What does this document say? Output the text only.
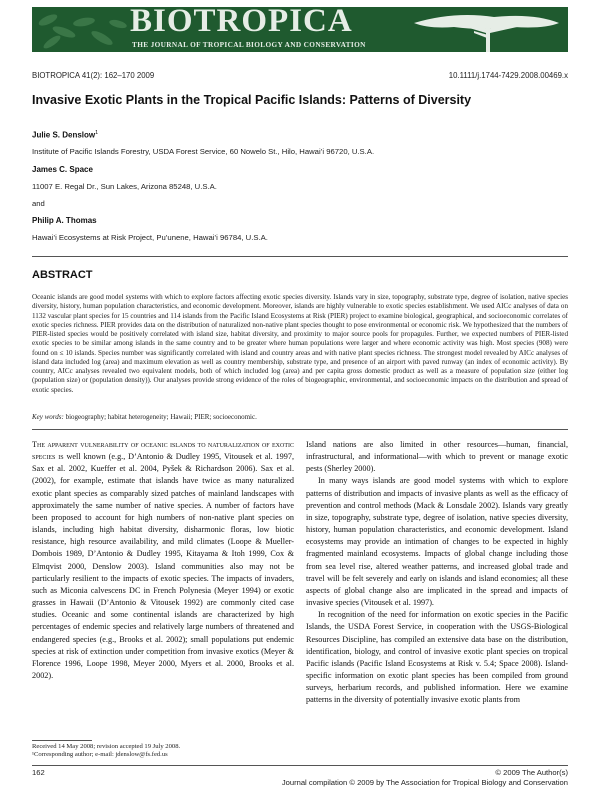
BIOTROPICA
THE JOURNAL OF TROPICAL BIOLOGY AND CONSERVATION
BIOTROPICA 41(2): 162–170 2009	10.1111/j.1744-7429.2008.00469.x
Invasive Exotic Plants in the Tropical Pacific Islands: Patterns of Diversity
Julie S. Denslow$^1$
Institute of Pacific Islands Forestry, USDA Forest Service, 60 Nowelo St., Hilo, Hawai’i 96720, U.S.A.
James C. Space
11007 E. Regal Dr., Sun Lakes, Arizona 85248, U.S.A.
and
Philip A. Thomas
Hawai’i Ecosystems at Risk Project, Pu’unene, Hawai’i 96784, U.S.A.
ABSTRACT
Oceanic islands are good model systems with which to explore factors affecting exotic species diversity. Islands vary in size, topography, substrate type, degree of isolation, native species diversity, history, human population characteristics, and economic development. Moreover, islands are highly vulnerable to exotic species establishment. We used AICc analyses of data on 1132 vascular plant species for 15 countries and 114 islands from the Pacific Island Ecosystems at Risk (PIER) project to examine biological, geographical, and socioeconomic correlates of exotic species richness. PIER provides data on the distribution of naturalized non-native plant species thought to pose environmental or economic risk. We hypothesized that the numbers of PIER-listed species would be positively correlated with island size, habitat diversity, and proximity to major source pools for propagules. Further, we expected numbers of PIER-listed exotic species to be similar among islands in the same country and to be greater where human populations were larger and where economic activity was high. Most species (908) were found on ≤ 10 islands. Species number was significantly correlated with island and country areas and with native plant species richness. The strongest model revealed by AICc analyses of island data included log (area) and maximum elevation as well as country membership, substrate type, and presence of an airport with paved runway (an index of economic activity). By country, AICc analyses revealed two equivalent models, both of which included log (area) and per capita gross domestic product as well as a measure of population size (either log (population size) or (population density)). Our analyses provide strong evidence of the roles of biogeographic, environmental, and socioeconomic impacts on the distribution and spread of exotic species.
Key words: biogeography; habitat heterogeneity; Hawaii; PIER; socioeconomic.

The apparent vulnerability of oceanic islands to naturalization of exotic species is well known (e.g., D’Antonio & Dudley 1995, Vitousek et al. 1997, Sax et al. 2002, Kueffer et al. 2004, Pyšek & Richardson 2006). Sax et al. (2002), for example, estimate that islands have twice as many naturalized exotic plant species as comparably sized patches of mainland landscapes with approximately the same number of native species. A number of factors have been proposed to account for high numbers of non-native plant species on islands, including high habitat diversity, disharmonic floras, low biotic resistance, high resource availability, and mild climates (Loope & Mueller-Dombois 1989, D’Antonio & Dudley 1995, Kitayama & Itoh 1999, Cox & Elmqvist 2000, Denslow 2003). Island communities also may not be particularly resilient to the impacts of exotic species. The impacts of invaders, such as Miconia calvescens DC in French Polynesia (Meyer 1994) or exotic grasses in Hawaii (D’Antonio & Vitousek 1992) are commonly cited case studies. Oceanic and some continental islands are characterized by high percentages of endemic species and relatively large numbers of threatened and endangered species (e.g., Brooks et al. 2002); small populations put endemic species at risk of extinction under competition from invasive exotics (Meyer & Florence 1996, Loope 1998, Meyer 2000, Myers et al. 2000, Brooks et al. 2002).

Island nations are also limited in other resources—human, financial, infrastructural, and informational—with which to prevent or manage exotic pests (Sherley 2000).

In many ways islands are good model systems with which to explore patterns of distribution and impacts of invasive plants as well as the efficacy of prevention and control methods (Mack & Lonsdale 2002). Islands vary greatly in size, topography, substrate type, degree of isolation, native species diversity, history, human population characteristics, and economic development. Island ecosystems may provide an intimation of changes to be expected in highly fragmented mainland ecosystems. Impacts of global change including those from sea level rise, altered weather patterns, and increased global trade and travel will be felt severely and early on islands and island economies; all these aspects of global change also are implicated in the spread and impacts of invasive species (Vitousek et al. 1997).

In recognition of the need for information on exotic species in the Pacific Islands, the USDA Forest Service, in cooperation with the USGS-Biological Resources Discipline, has compiled an extensive data base on the distribution, identification, biology, and control of invasive exotic plant species on tropical Pacific islands (Pacific Island Ecosystems at Risk v. 5.4; Space 2008). Island-specific information on exotic plant species has been compiled from ground surveys, herbarium records, and published information. Here we examine patterns in the diversity of potentially invasive exotic plants from

Received 14 May 2008; revision accepted 19 July 2008.
¹Corresponding author; e-mail: jdenslow@fs.fed.us
162	© 2009 The Author(s)
Journal compilation © 2009 by The Association for Tropical Biology and Conservation
